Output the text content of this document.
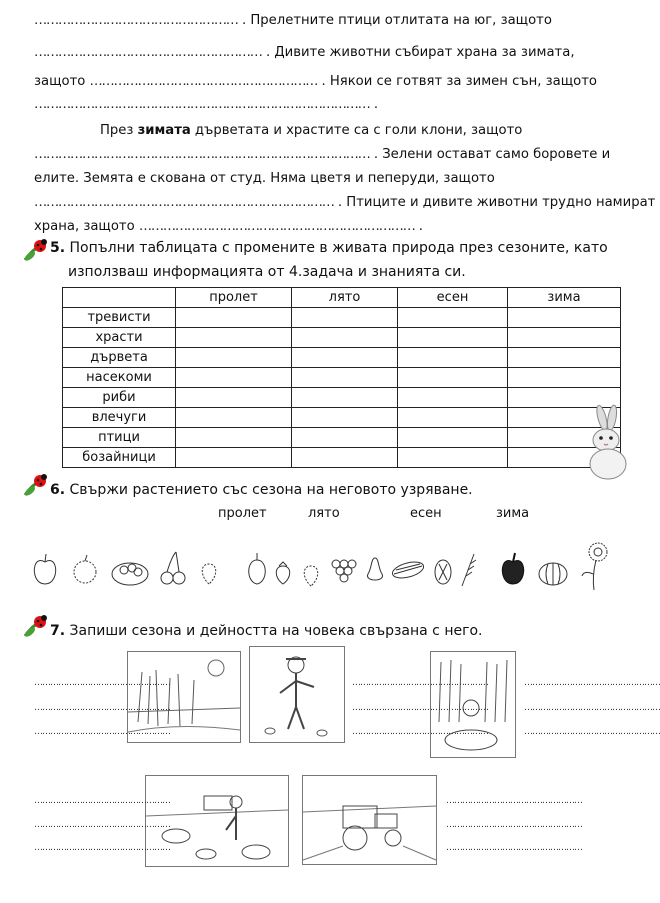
…………………………………………… . Прелетните птици отлитата на юг, защото
………………………………………………… . Дивите животни събират храна за зимата,
защото ………………………………………………… . Някои се готвят за зимен сън, защото
………………………………………………………………………… .
През зимата дърветата и храстите са с голи клони, защото
………………………………………………………………………… . Зелени остават само боровете и
елите. Земята е скована от студ. Няма цветя и пеперуди, защото
………………………………………………………………… . Птиците и дивите животни трудно намират
храна, защото …………………………………………………………… .
5. Попълни таблицата с промените в живата природа през сезоните, като
използваш информацията от 4.задача и знанията си.
	пролет	лято	есен	зима
тревисти				
храсти				
дървета				
насекоми				
риби				
влечуги				
птици				
бозайници				
6. Свържи растението със сезона на неговото узряване.
пролет	лято	есен	зима
7. Запиши сезона и дейността на човека свързана с него.
……………………………………………
……………………………………………
……………………………………………
……………………………………………
……………………………………………
……………………………………………
……………………………………………
……………………………………………
……………………………………………
……………………………………………
……………………………………………
……………………………………………
……………………………………………
……………………………………………
……………………………………………
